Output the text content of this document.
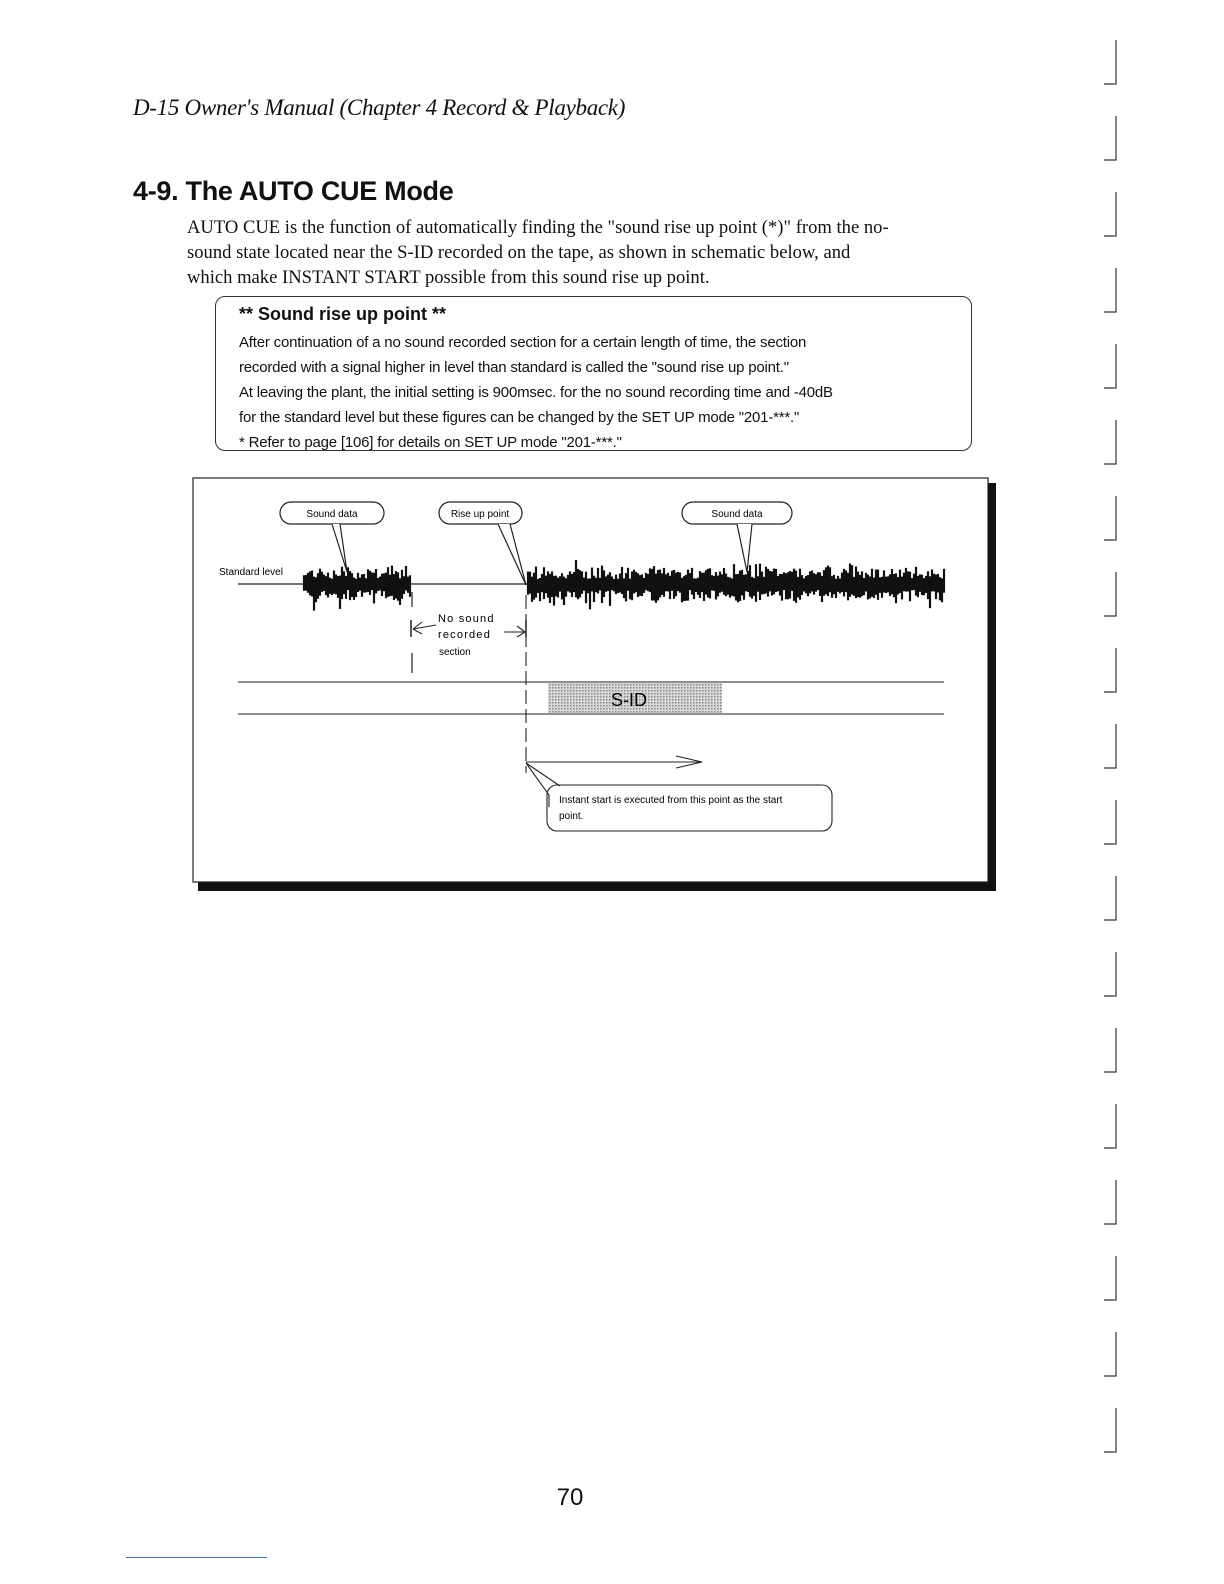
D-15 Owner's Manual (Chapter 4 Record & Playback)
4-9. The AUTO CUE Mode

AUTO CUE is the function of automatically finding the "sound rise up point (*)" from the no-

sound state located near the S-ID recorded on the tape, as shown in schematic below, and

which make INSTANT START possible from this sound rise up point.

** Sound rise up point **

After continuation of a no sound recorded section for a certain length of time, the section

recorded with a signal higher in level than standard is called the "sound rise up point."

At leaving the plant, the initial setting is 900msec. for the no sound recording time and -40dB

for the standard level but these figures can be changed by the SET UP mode "201-***."

* Refer to page [106] for details on SET UP mode "201-***."

Sound data	Rise up point	Sound data
Standard level
No sound
recorded
section
S-ID
Instant start is executed from this point as the start
point.
70
